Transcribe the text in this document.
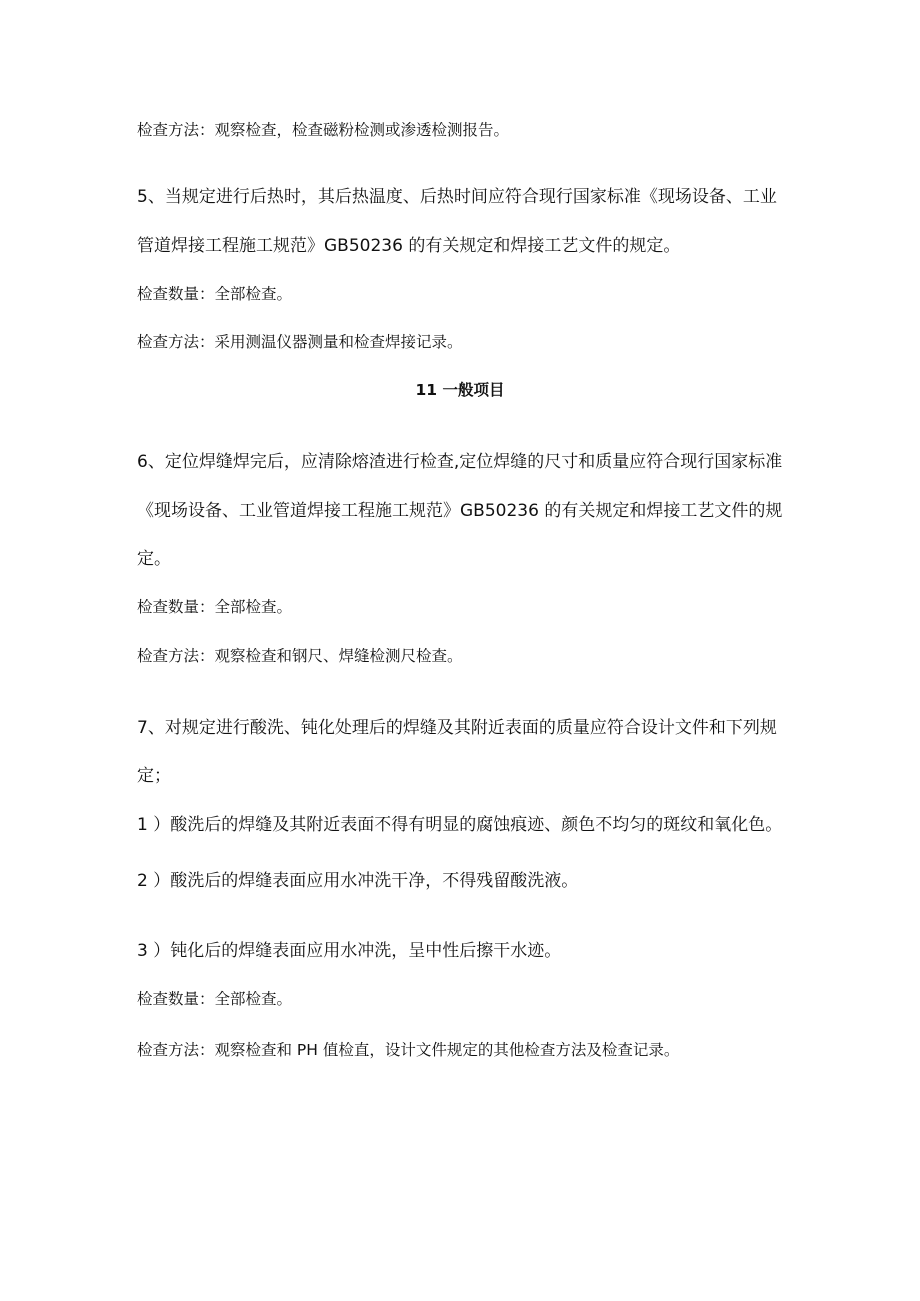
检查方法：观察检查，检查磁粉检测或渗透检测报告。

5、当规定进行后热时，其后热温度、后热时间应符合现行国家标准《现场设备、工业

管道焊接工程施工规范》GB50236 的有关规定和焊接工艺文件的规定。

检查数量：全部检查。

检查方法：采用测温仪器测量和检查焊接记录。

11 一般项目

6、定位焊缝焊完后，应清除熔渣进行检查,定位焊缝的尺寸和质量应符合现行国家标准

《现场设备、工业管道焊接工程施工规范》GB50236 的有关规定和焊接工艺文件的规

定。

检查数量：全部检查。

检查方法：观察检查和钢尺、焊缝检测尺检查。

7、对规定进行酸洗、钝化处理后的焊缝及其附近表面的质量应符合设计文件和下列规

定；

1 ）酸洗后的焊缝及其附近表面不得有明显的腐蚀痕迹、颜色不均匀的斑纹和氧化色。

2 ）酸洗后的焊缝表面应用水冲洗干净，不得残留酸洗液。

3 ）钝化后的焊缝表面应用水冲洗，呈中性后擦干水迹。

检查数量：全部检查。

检查方法：观察检查和 PH 值检直，设计文件规定的其他检查方法及检查记录。
